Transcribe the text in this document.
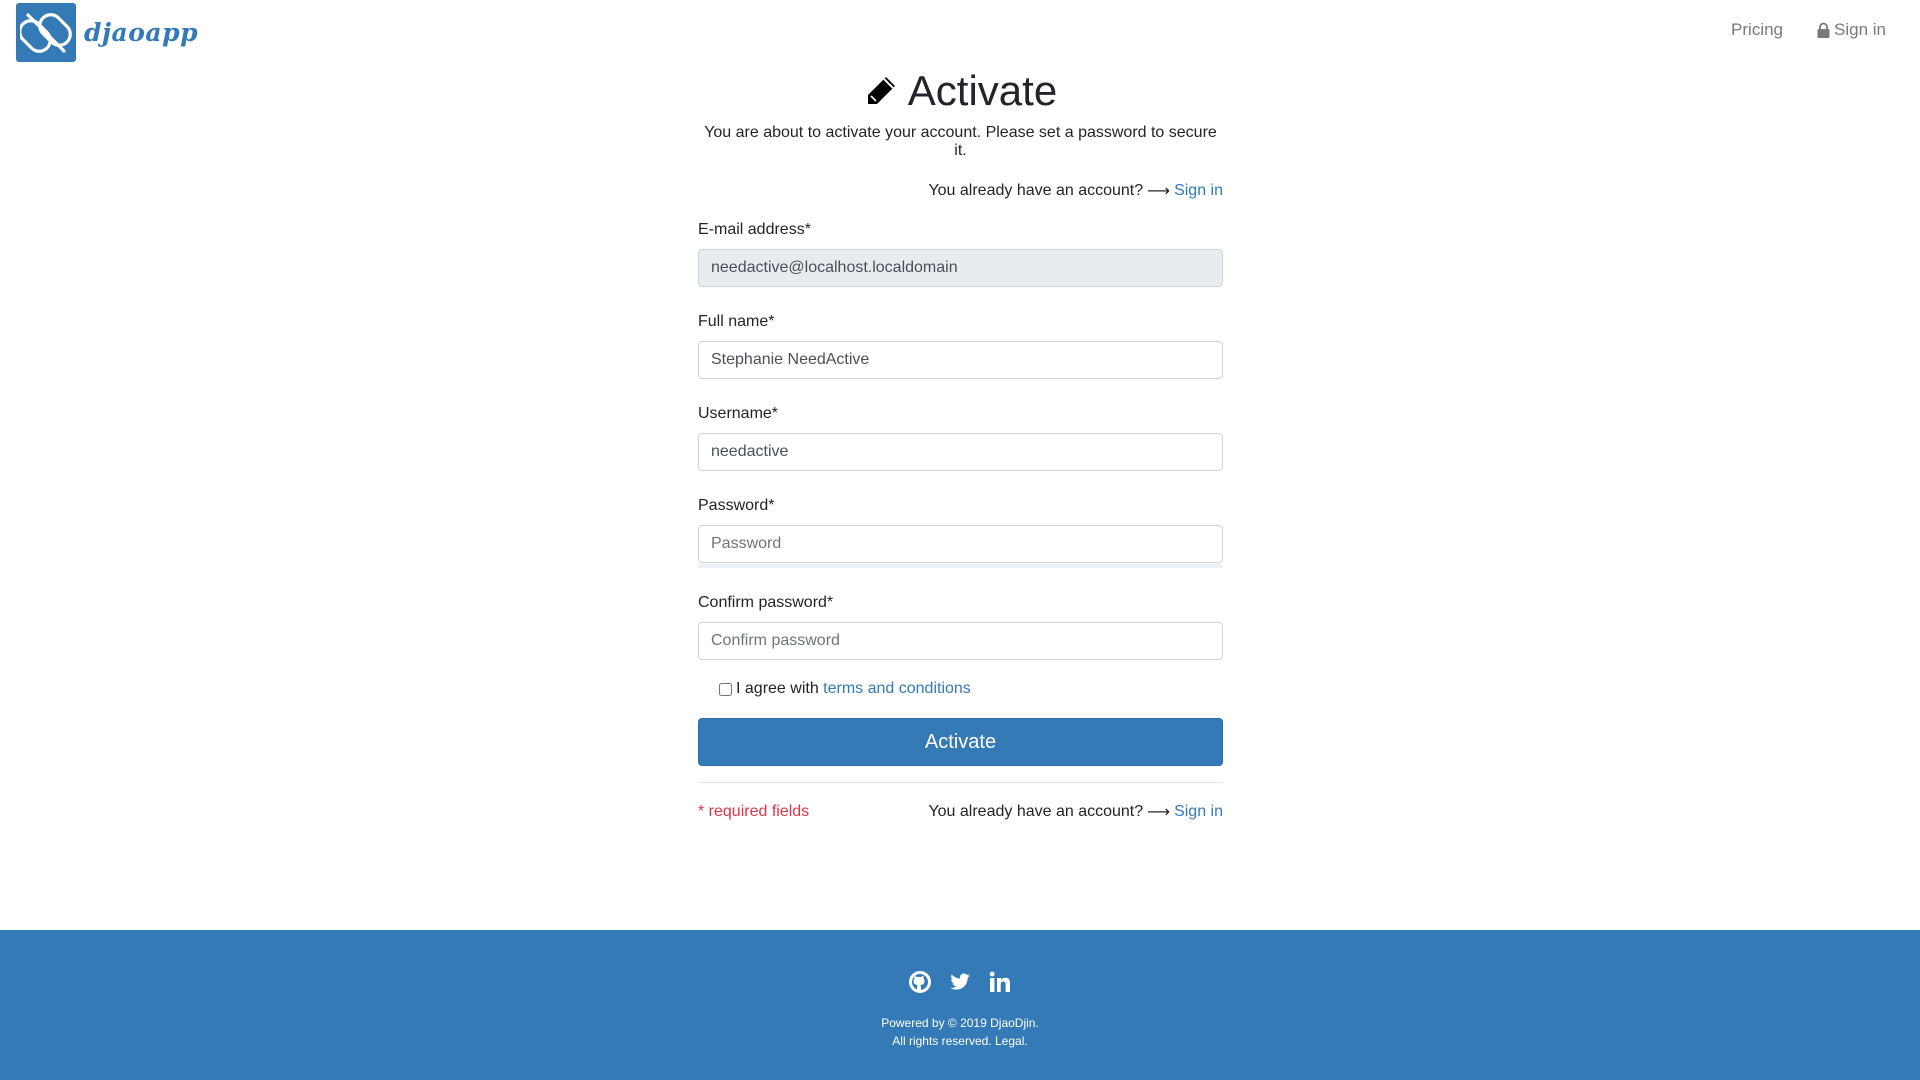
djaoapp	Pricing	Sign in
Activate

You are about to activate your account. Please set a password to secure it.

You already have an account? ⟶ Sign in
E-mail address*
needactive@localhost.localdomain
Full name*
Stephanie NeedActive
Username*
needactive
Password*
Confirm password*
I agree with
terms and conditions
Activate
* required fields	You already have an account? ⟶ Sign in
Powered by © 2019 DjaoDjin.
All rights reserved. Legal.
